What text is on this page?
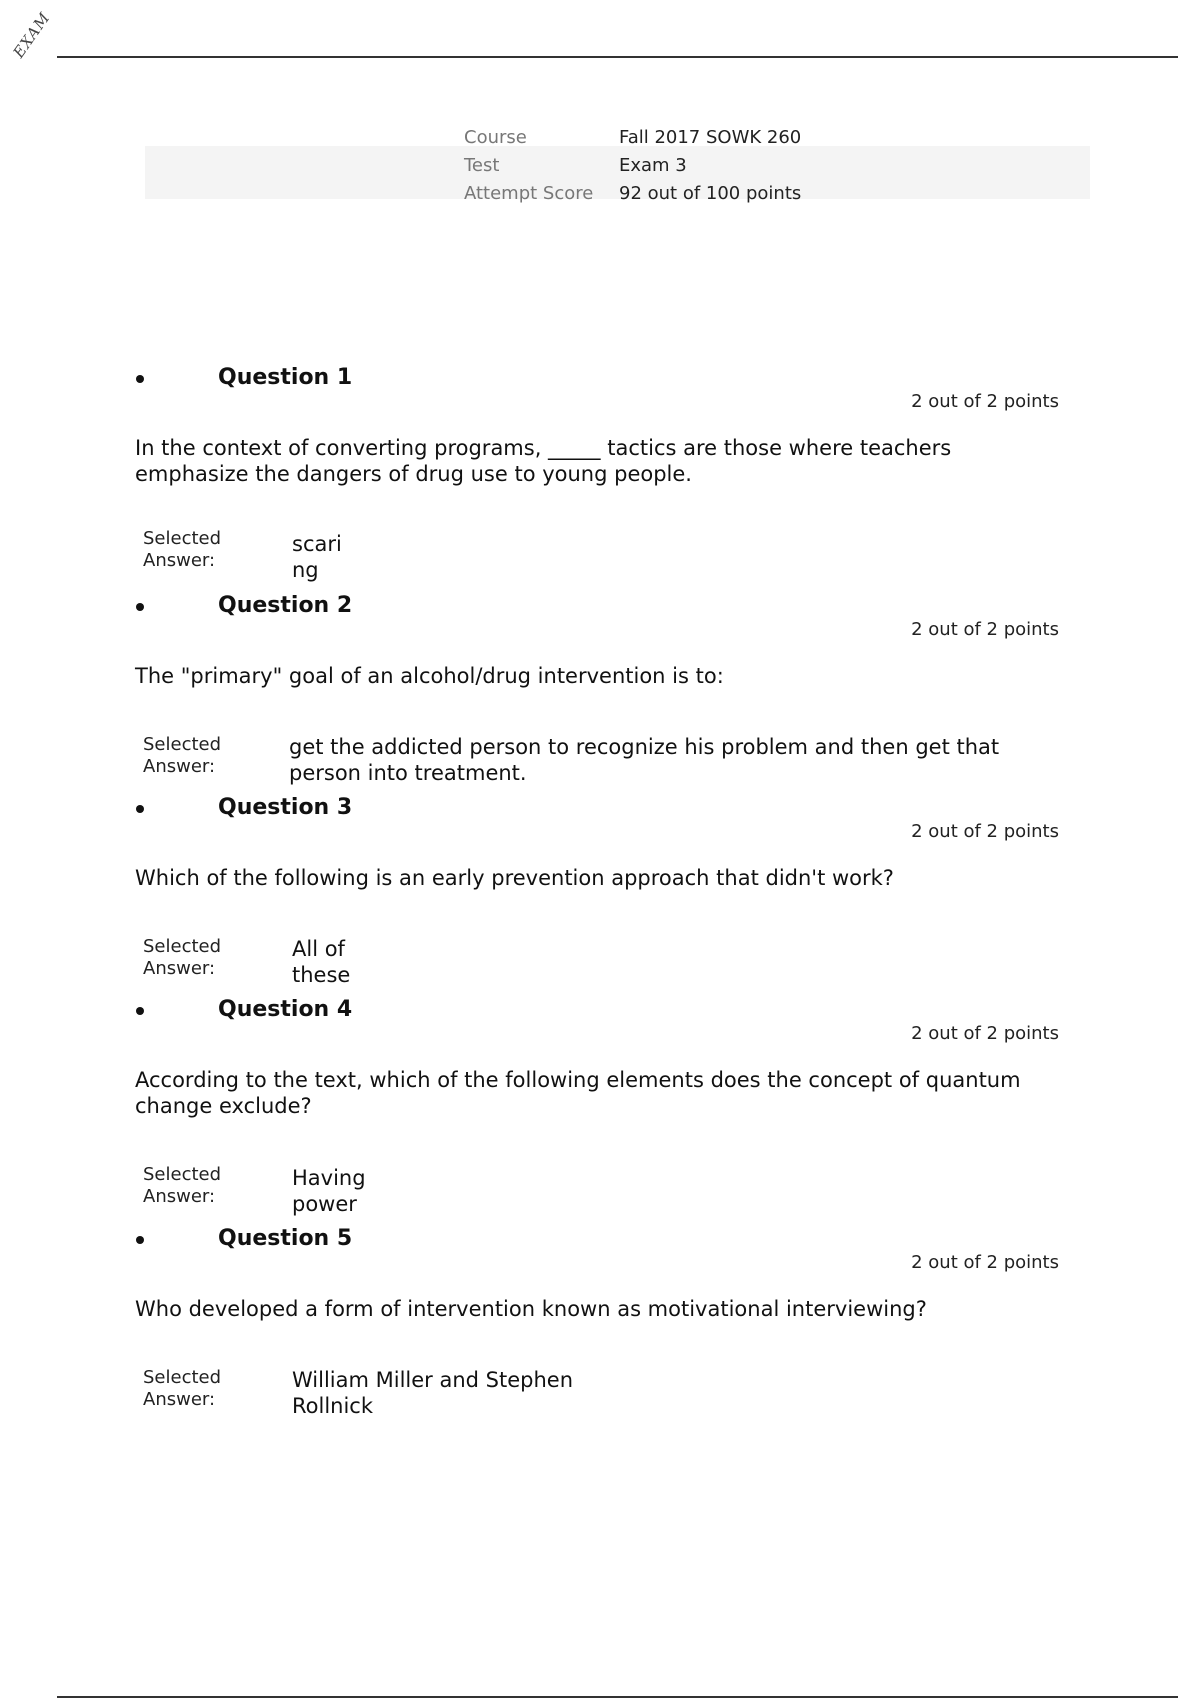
EXAM
Course	Fall 2017 SOWK 260
Test	Exam 3
Attempt Score	92 out of 100 points
Question 1
2 out of 2 points
In the context of converting programs, _____ tactics are those where teachers emphasize the dangers of drug use to young people.
Selected Answer:
scaring
Question 2
2 out of 2 points
The "primary" goal of an alcohol/drug intervention is to:
Selected Answer:
get the addicted person to recognize his problem and then get that person into treatment.
Question 3
2 out of 2 points
Which of the following is an early prevention approach that didn't work?
Selected Answer:
All of these
Question 4
2 out of 2 points
According to the text, which of the following elements does the concept of quantum change exclude?
Selected Answer:
Having power
Question 5
2 out of 2 points
Who developed a form of intervention known as motivational interviewing?
Selected Answer:
William Miller and Stephen Rollnick
